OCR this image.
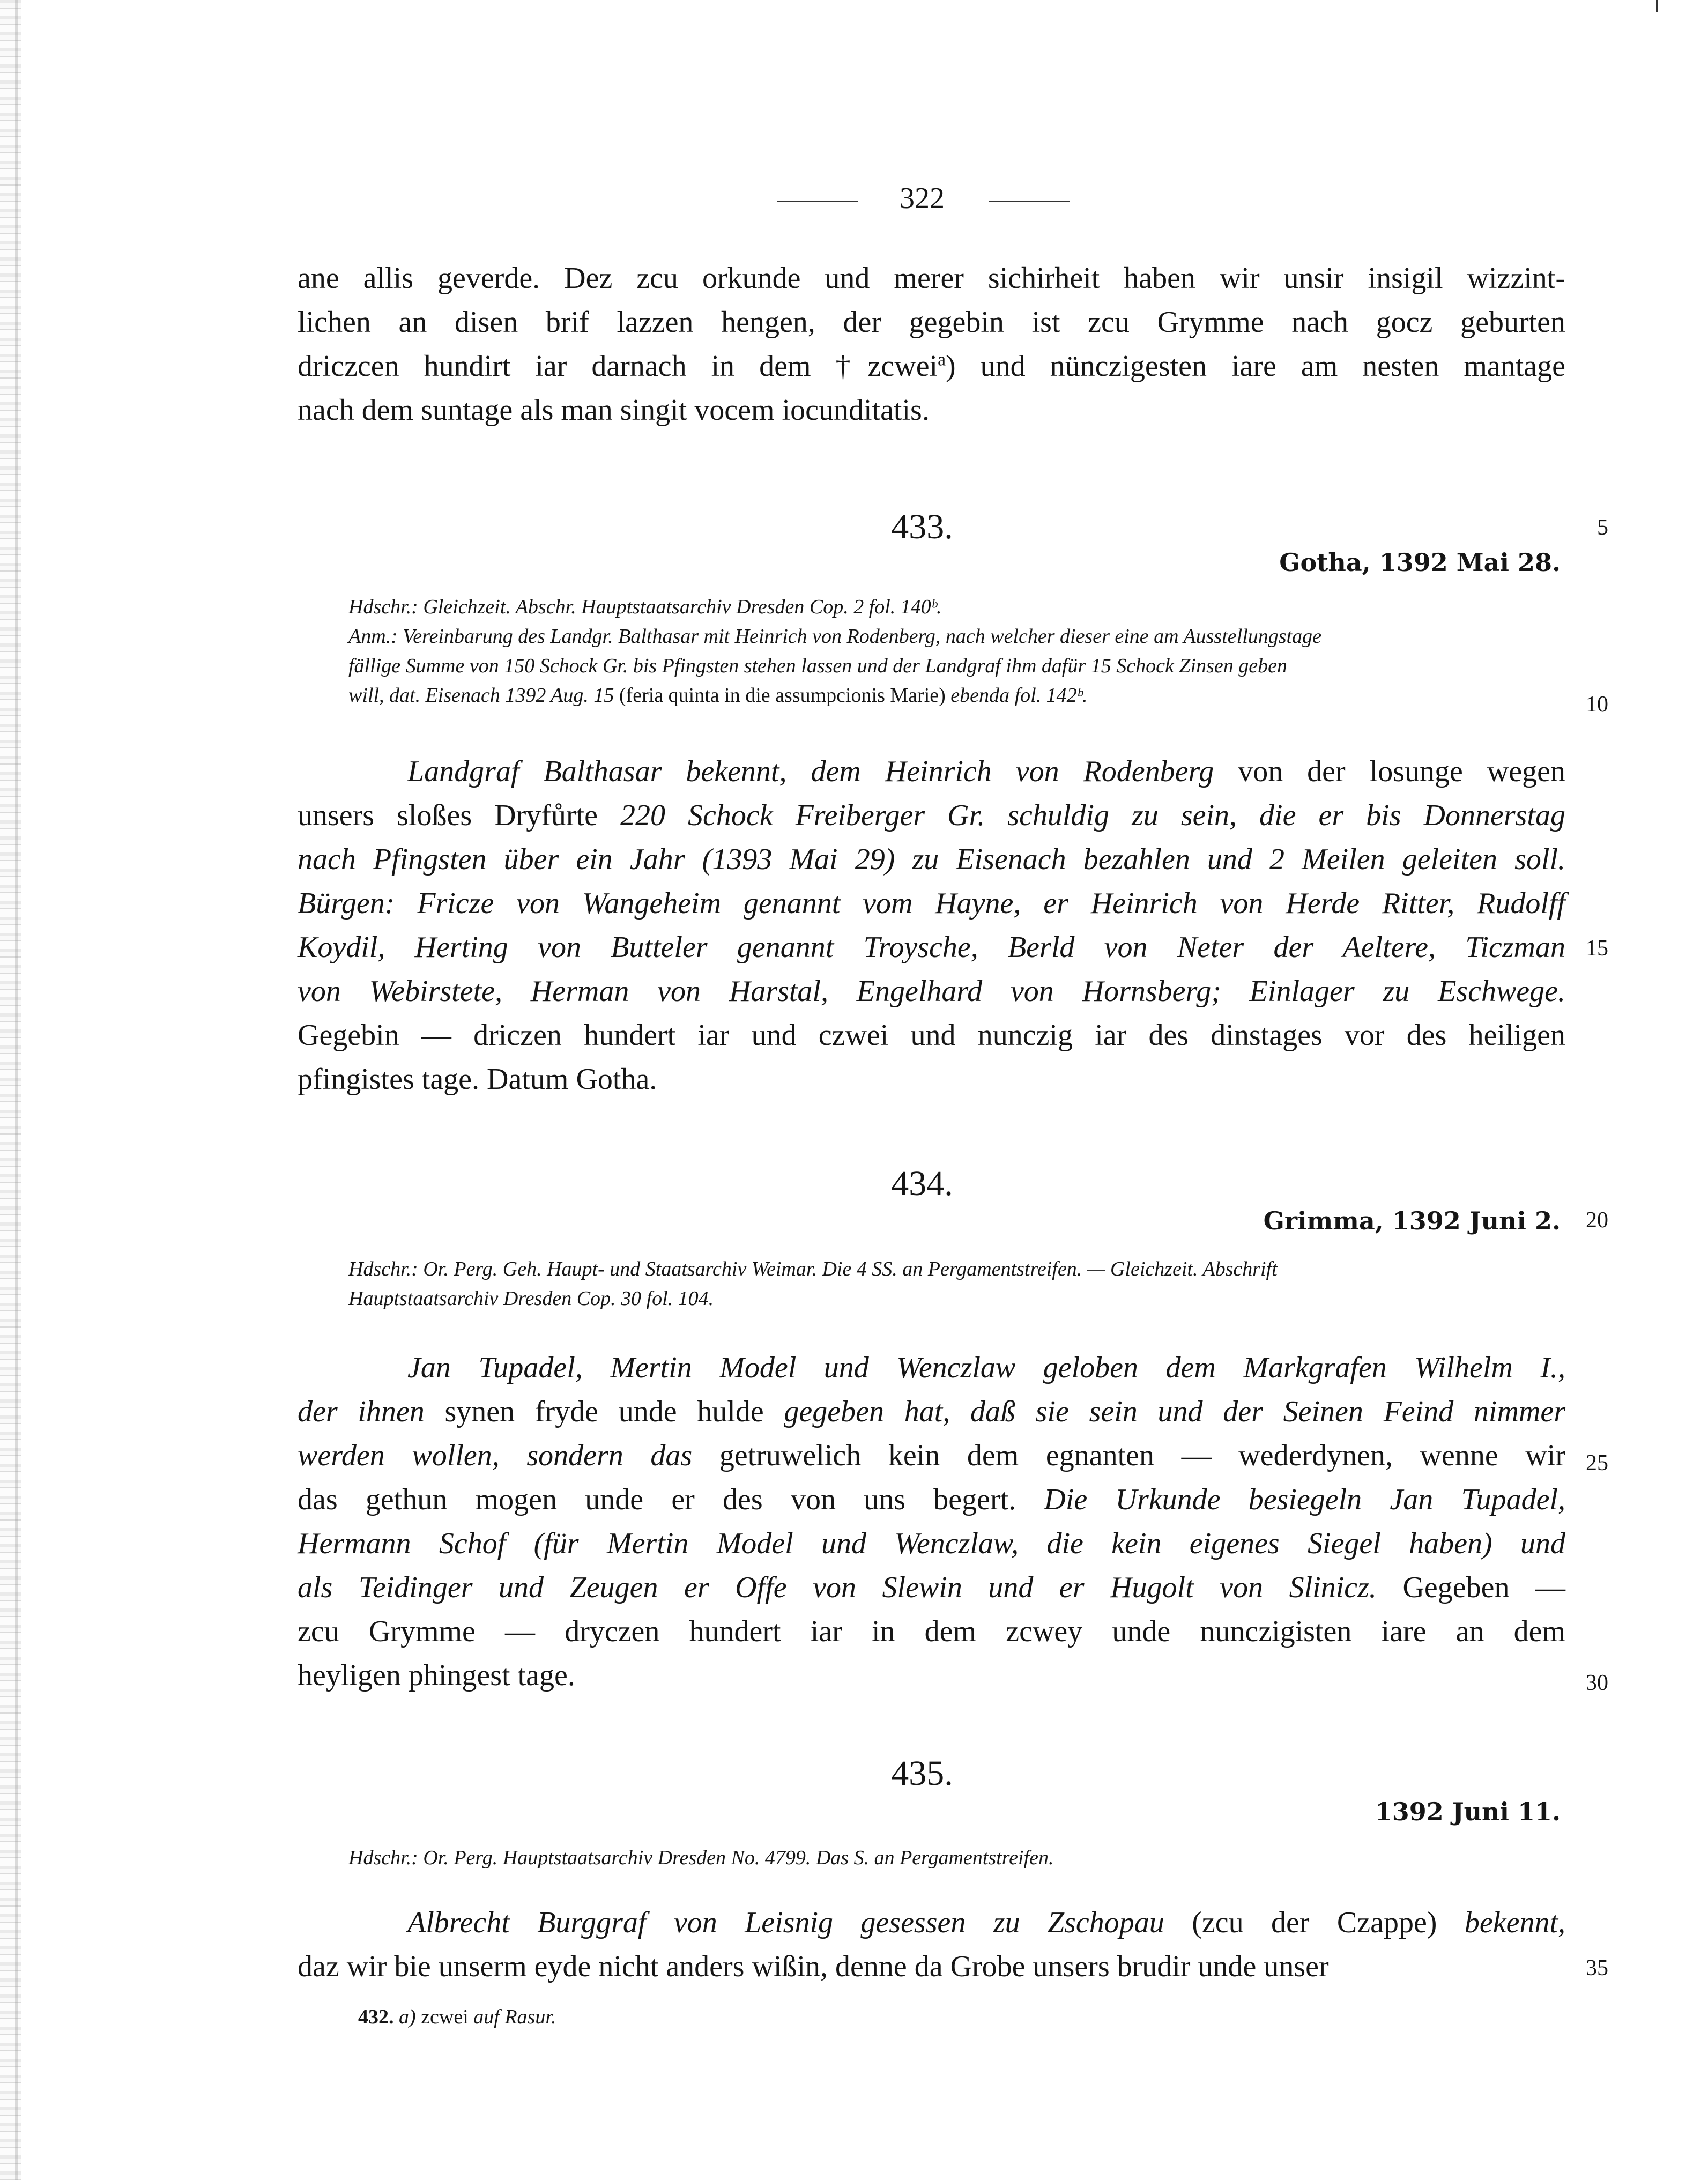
322

ane allis geverde. Dez zcu orkunde und merer sichirheit haben wir unsir insigil wizzint-
lichen an disen brif lazzen hengen, der gegebin ist zcu Grymme nach gocz geburten
driczcen hundirt iar darnach in dem †zcwei$^a$) und nünczigesten iare am nesten mantage
nach dem suntage als man singit vocem iocunditatis.

433.	5
Gotha, 1392 Mai 28.
Hdschr.: Gleichzeit. Abschr. Hauptstaatsarchiv Dresden Cop. 2 fol. 140ᵇ.
Anm.: Vereinbarung des Landgr. Balthasar mit Heinrich von Rodenberg, nach welcher dieser eine am Ausstellungstage
fällige Summe von 150 Schock Gr. bis Pfingsten stehen lassen und der Landgraf ihm dafür 15 Schock Zinsen geben
will, dat. Eisenach 1392 Aug. 15 (feria quinta in die assumpcionis Marie) ebenda fol. 142ᵇ.	10

Landgraf Balthasar bekennt, dem Heinrich von Rodenberg von der losunge wegen
unsers sloßes Dryfůrte 220 Schock Freiberger Gr. schuldig zu sein, die er bis Donnerstag
nach Pfingsten über ein Jahr (1393 Mai 29) zu Eisenach bezahlen und 2 Meilen geleiten soll.
Bürgen: Fricze von Wangeheim genannt vom Hayne, er Heinrich von Herde Ritter, Rudolff
Koydil, Herting von Butteler genannt Troysche, Berld von Neter der Aeltere, Ticzman
von Webirstete, Herman von Harstal, Engelhard von Hornsberg; Einlager zu Eschwege.
Gegebin — driczen hundert iar und czwei und nunczig iar des dinstages vor des heiligen
pfingistes tage. Datum Gotha.

15
434.
Grimma, 1392 Juni 2.	20
Hdschr.: Or. Perg. Geh. Haupt- und Staatsarchiv Weimar. Die 4 SS. an Pergamentstreifen. — Gleichzeit. Abschrift
Hauptstaatsarchiv Dresden Cop. 30 fol. 104.

Jan Tupadel, Mertin Model und Wenczlaw geloben dem Markgrafen Wilhelm I.,
der ihnen synen fryde unde hulde gegeben hat, daß sie sein und der Seinen Feind nimmer
werden wollen, sondern das getruwelich kein dem egnanten — wederdynen, wenne wir
das gethun mogen unde er des von uns begert. Die Urkunde besiegeln Jan Tupadel,
Hermann Schof (für Mertin Model und Wenczlaw, die kein eigenes Siegel haben) und
als Teidinger und Zeugen er Offe von Slewin und er Hugolt von Slinicz. Gegeben —
zcu Grymme — dryczen hundert iar in dem zcwey unde nunczigisten iare an dem
heyligen phingest tage.

25
30
435.
1392 Juni 11.
Hdschr.: Or. Perg. Hauptstaatsarchiv Dresden No. 4799. Das S. an Pergamentstreifen.

Albrecht Burggraf von Leisnig gesessen zu Zschopau (zcu der Czappe) bekennt,
daz wir bie unserm eyde nicht anders wißin, denne da Grobe unsers brudir unde unser	35
432. a) zcwei auf Rasur.
